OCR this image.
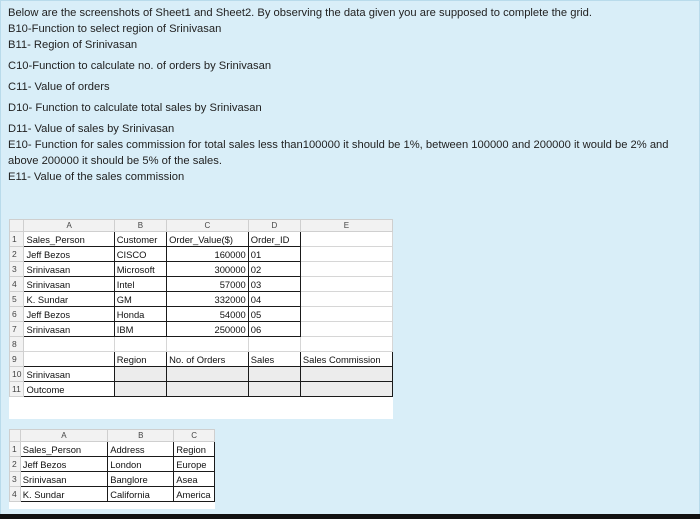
Below are the screenshots of Sheet1 and Sheet2. By observing the data given you are supposed to complete the grid.
B10-Function to select region of Srinivasan
B11- Region of Srinivasan
C10-Function to calculate no. of orders by Srinivasan
C11- Value of orders
D10- Function to calculate total sales by Srinivasan
D11- Value of sales by Srinivasan
E10- Function for sales commission for total sales less than100000 it should be 1%, between 100000 and 200000 it would be 2% and above 200000 it should be 5% of the sales.
E11- Value of the sales commission
	A	B	C	D	E
1	Sales_Person	Customer	Order_Value($)	Order_ID	
2	Jeff Bezos	CISCO	160000	01	
3	Srinivasan	Microsoft	300000	02	
4	Srinivasan	Intel	57000	03	
5	K. Sundar	GM	332000	04	
6	Jeff Bezos	Honda	54000	05	
7	Srinivasan	IBM	250000	06	
8					
9		Region	No. of Orders	Sales	Sales Commission
10	Srinivasan				
11	Outcome				
	A	B	C
1	Sales_Person	Address	Region
2	Jeff Bezos	London	Europe
3	Srinivasan	Banglore	Asea
4	K. Sundar	California	America
